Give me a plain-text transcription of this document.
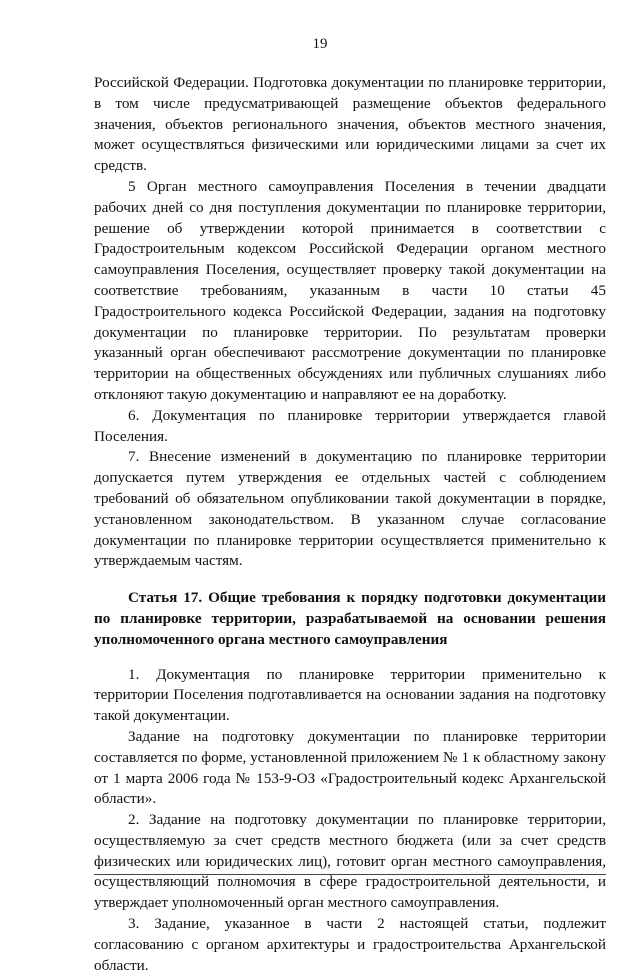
19

Российской Федерации. Подготовка документации по планировке территории, в том числе предусматривающей размещение объектов федерального значения, объектов регионального значения, объектов местного значения, может осуществляться физическими или юридическими лицами за счет их средств.

5 Орган местного самоуправления Поселения в течении двадцати рабочих дней со дня поступления документации по планировке территории, решение об утверждении которой принимается в соответствии с Градостроительным кодексом Российской Федерации органом местного самоуправления Поселения, осуществляет проверку такой документации на соответствие требованиям, указанным в части 10 статьи 45 Градостроительного кодекса Российской Федерации, задания на подготовку документации по планировке территории. По результатам проверки указанный орган обеспечивают рассмотрение документации по планировке территории на общественных обсуждениях или публичных слушаниях либо отклоняют такую документацию и направляют ее на доработку.

6. Документация по планировке территории утверждается главой Поселения.

7. Внесение изменений в документацию по планировке территории допускается путем утверждения ее отдельных частей с соблюдением требований об обязательном опубликовании такой документации в порядке, установленном законодательством. В указанном случае согласование документации по планировке территории осуществляется применительно к утверждаемым частям.

Статья 17. Общие требования к порядку подготовки документации по планировке территории, разрабатываемой на основании решения уполномоченного органа местного самоуправления

1. Документация по планировке территории применительно к территории Поселения подготавливается на основании задания на подготовку такой документации.

Задание на подготовку документации по планировке территории составляется по форме, установленной приложением № 1 к областному закону от 1 марта 2006 года № 153-9-ОЗ «Градостроительный кодекс Архангельской области».

2. Задание на подготовку документации по планировке территории, осуществляемую за счет средств местного бюджета (или за счет средств физических или юридических лиц), готовит орган местного самоуправления, осуществляющий полномочия в сфере градостроительной деятельности, и утверждает уполномоченный орган местного самоуправления.

3. Задание, указанное в части 2 настоящей статьи, подлежит согласованию с органом архитектуры и градостроительства Архангельской области.
